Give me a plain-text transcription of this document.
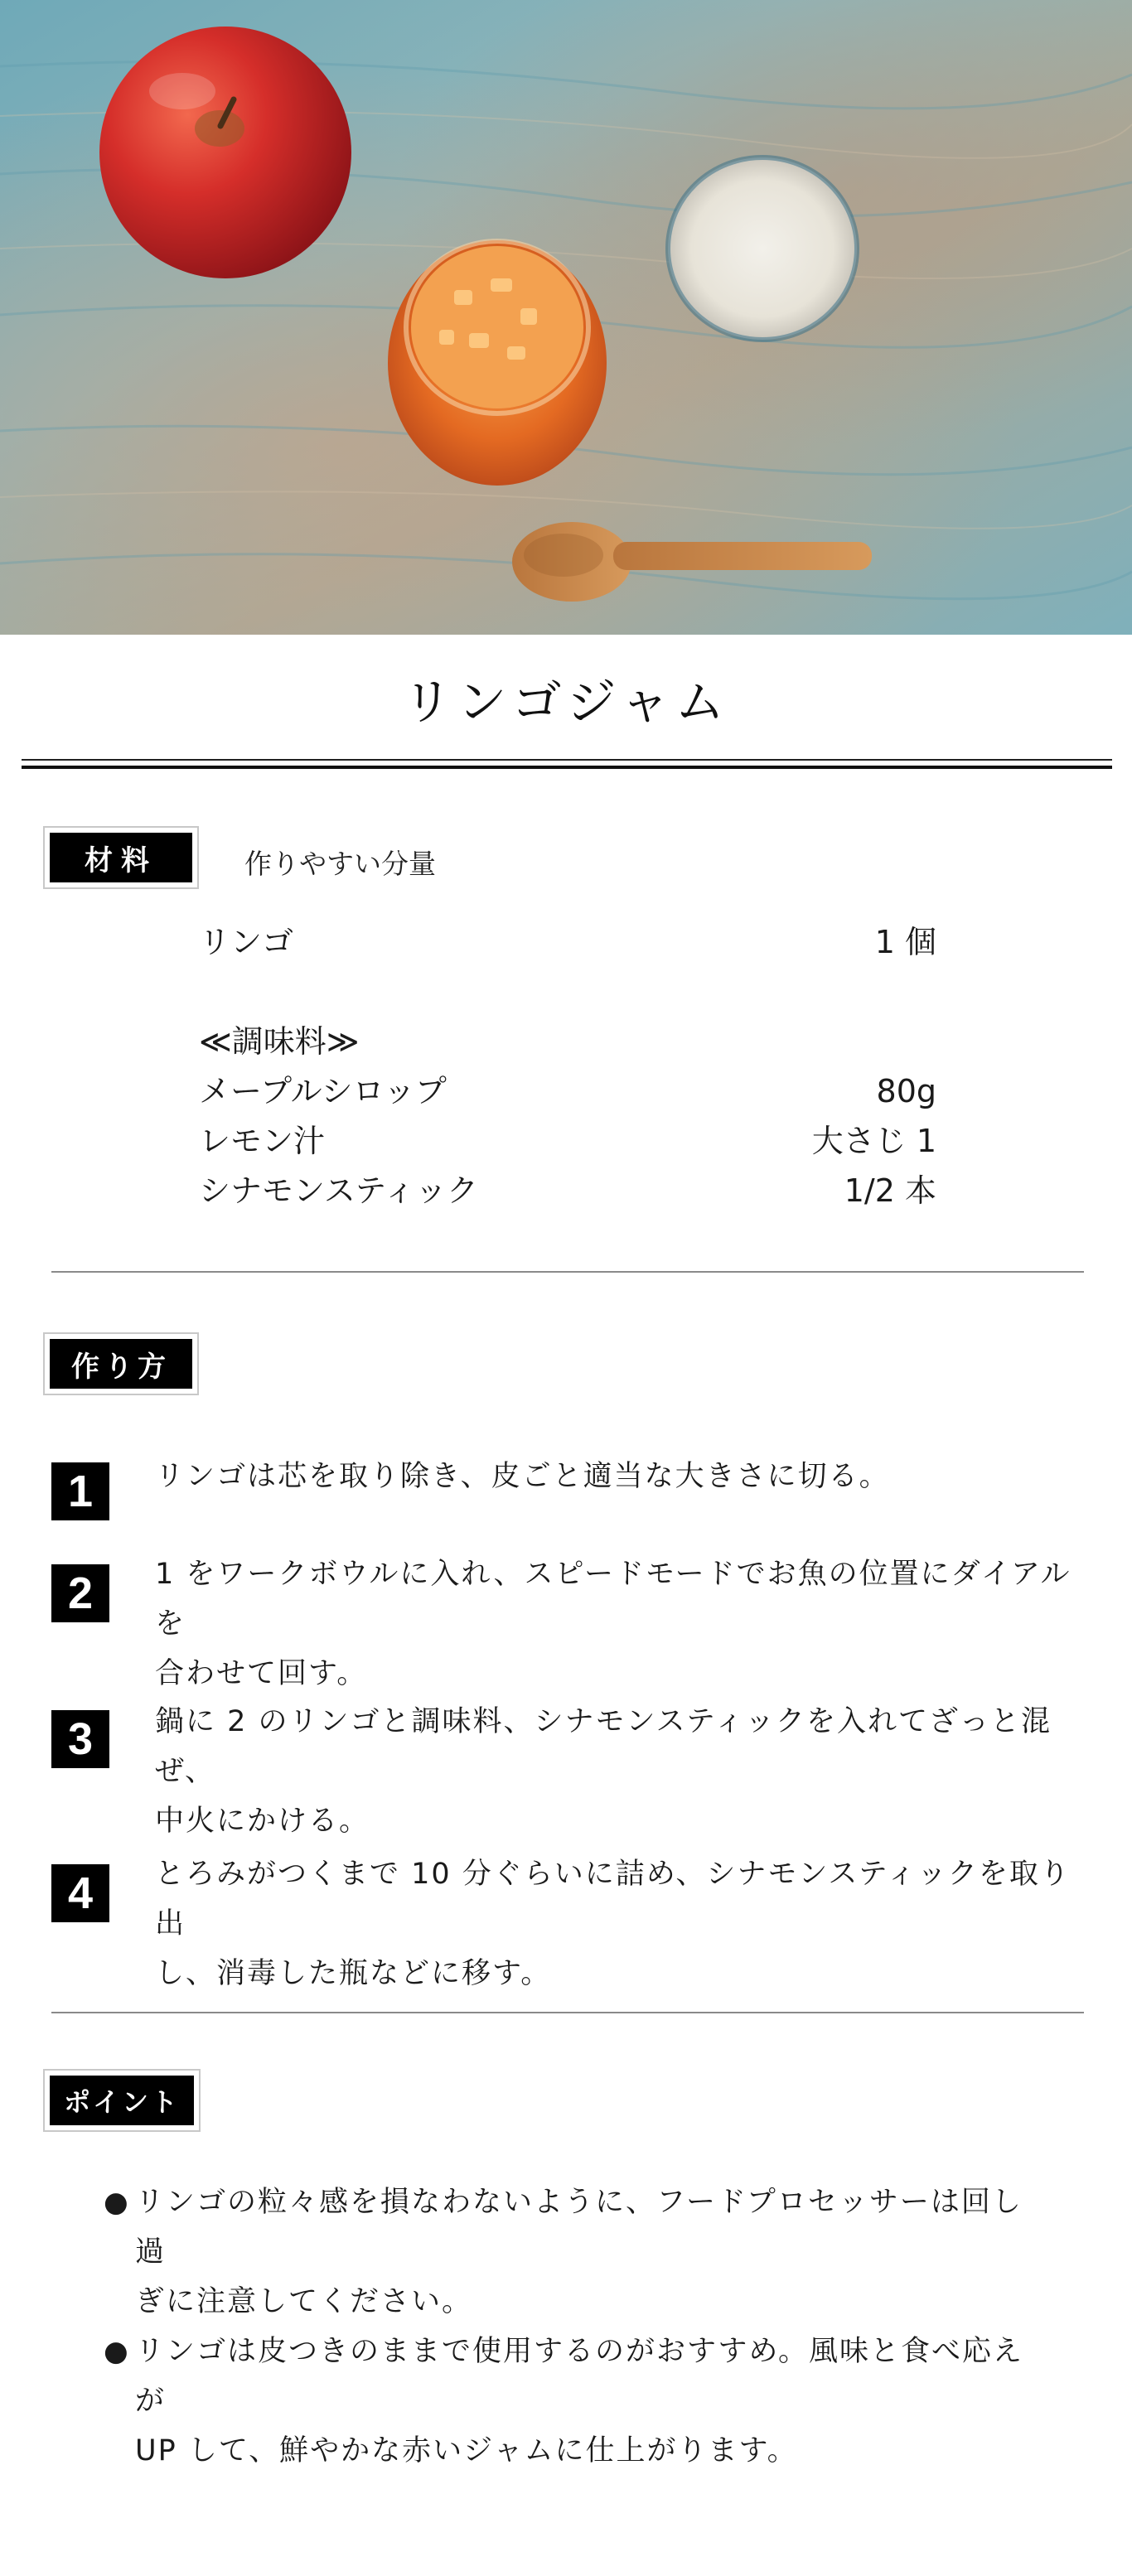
リンゴジャム
材料	作りやすい分量
リンゴ	1 個
≪調味料≫
メープルシロップ	80g
レモン汁	大さじ 1
シナモンスティック	1/2 本
作り方
1	リンゴは芯を取り除き、皮ごと適当な大きさに切る。
2	1 をワークボウルに入れ、スピードモードでお魚の位置にダイアルを
合わせて回す。
3	鍋に 2 のリンゴと調味料、シナモンスティックを入れてざっと混ぜ、
中火にかける。
4	とろみがつくまで 10 分ぐらいに詰め、シナモンスティックを取り出
し、消毒した瓶などに移す。
ポイント
● リンゴの粒々感を損なわないように、フードプロセッサーは回し過
ぎに注意してください。
● リンゴは皮つきのままで使用するのがおすすめ。風味と食べ応えが
UP して、鮮やかな赤いジャムに仕上がります。
